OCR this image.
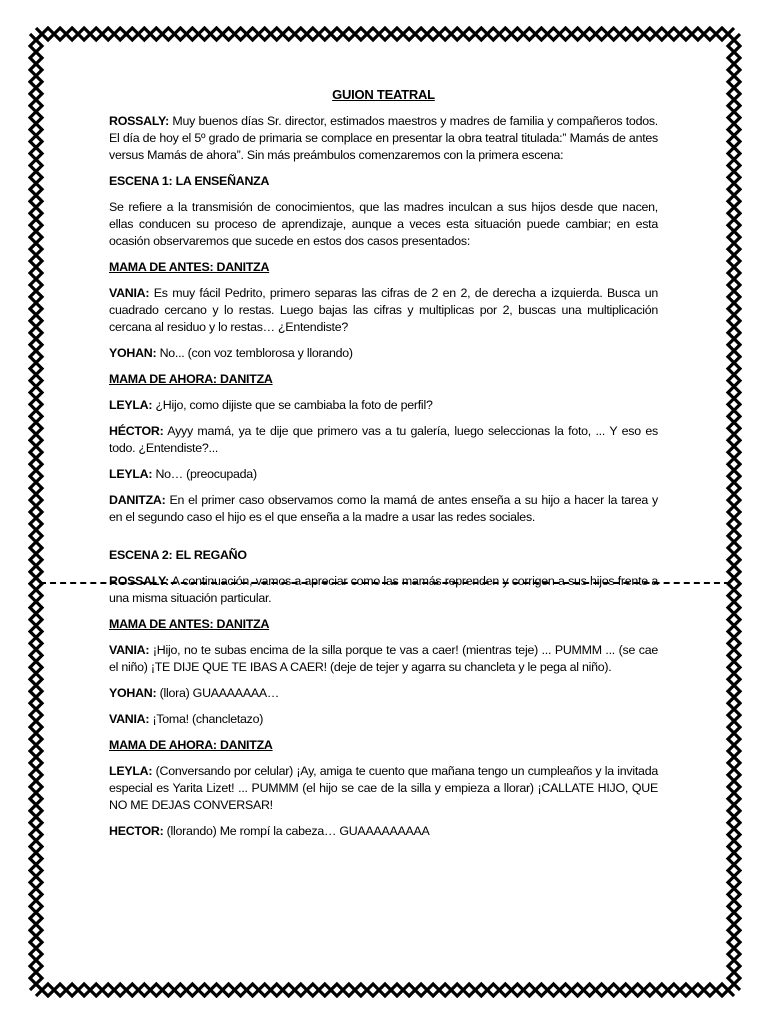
GUION TEATRAL
ROSSALY: Muy buenos días Sr. director, estimados maestros y madres de familia y compañeros todos. El día de hoy el 5º grado de primaria se complace en presentar la obra teatral titulada:” Mamás de antes versus Mamás de ahora”. Sin más preámbulos comenzaremos con la primera escena:
ESCENA 1: LA ENSEÑANZA
Se refiere a la transmisión de conocimientos, que las madres inculcan a sus hijos desde que nacen, ellas conducen su proceso de aprendizaje, aunque a veces esta situación puede cambiar; en esta ocasión observaremos que sucede en estos dos casos presentados:
MAMA DE ANTES: DANITZA
VANIA: Es muy fácil Pedrito, primero separas las cifras de 2 en 2, de derecha a izquierda. Busca un cuadrado cercano y lo restas. Luego bajas las cifras y multiplicas por 2, buscas una multiplicación cercana al residuo y lo restas… ¿Entendiste?
YOHAN: No... (con voz temblorosa y llorando)
MAMA DE AHORA: DANITZA
LEYLA: ¿Hijo, como dijiste que se cambiaba la foto de perfil?
HÉCTOR: Ayyy mamá, ya te dije que primero vas a tu galería, luego seleccionas la foto, ... Y eso es todo. ¿Entendiste?...
LEYLA: No… (preocupada)
DANITZA: En el primer caso observamos como la mamá de antes enseña a su hijo a hacer la tarea y en el segundo caso el hijo es el que enseña a la madre a usar las redes sociales.
ESCENA 2: EL REGAÑO
ROSSALY: A continuación, vamos a apreciar como las mamás reprenden y corrigen a sus hijos frente a una misma situación particular.
MAMA DE ANTES: DANITZA
VANIA: ¡Hijo, no te subas encima de la silla porque te vas a caer! (mientras teje) ... PUMMM ... (se cae el niño) ¡TE DIJE QUE TE IBAS A CAER! (deje de tejer y agarra su chancleta y le pega al niño).
YOHAN: (llora) GUAAAAAAA…
VANIA: ¡Toma! (chancletazo)
MAMA DE AHORA: DANITZA
LEYLA: (Conversando por celular) ¡Ay, amiga te cuento que mañana tengo un cumpleaños y la invitada especial es Yarita Lizet! ... PUMMM (el hijo se cae de la silla y empieza a llorar) ¡CALLATE HIJO, QUE NO ME DEJAS CONVERSAR!
HECTOR: (llorando) Me rompí la cabeza… GUAAAAAAAAA
